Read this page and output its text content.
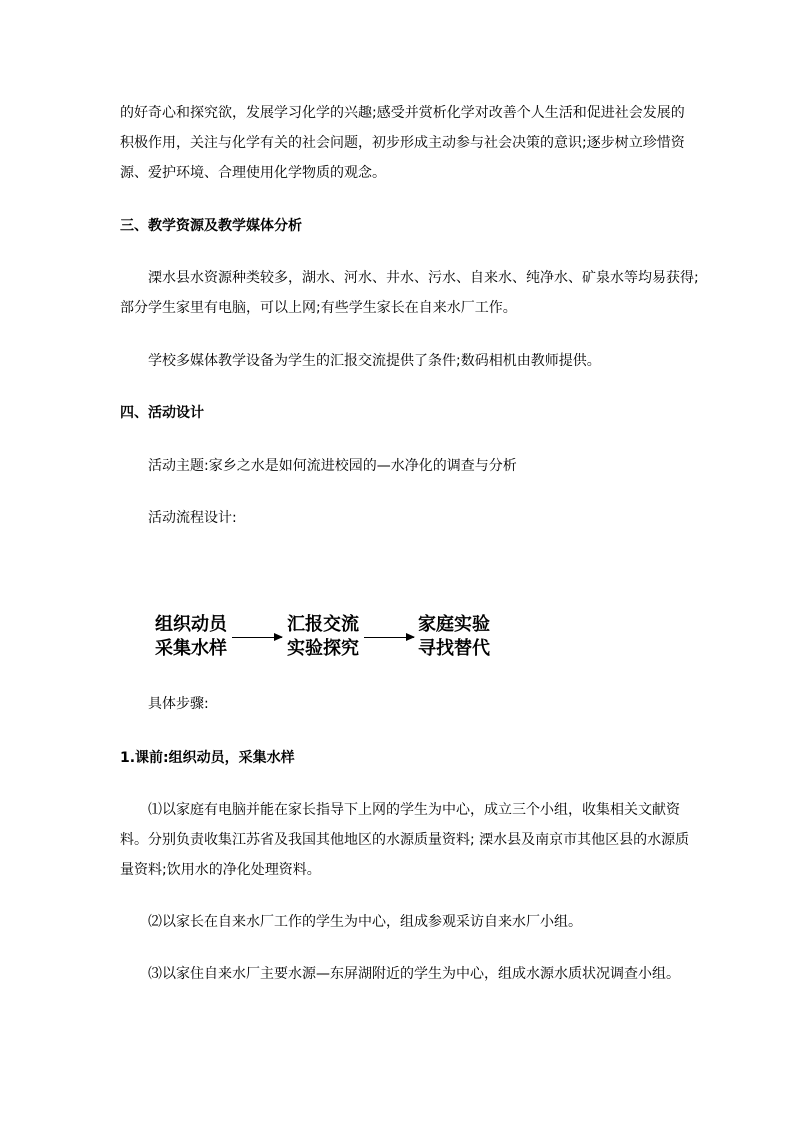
的好奇心和探究欲，发展学习化学的兴趣;感受并赏析化学对改善个人生活和促进社会发展的
积极作用，关注与化学有关的社会问题，初步形成主动参与社会决策的意识;逐步树立珍惜资
源、爱护环境、合理使用化学物质的观念。
三、教学资源及教学媒体分析
溧水县水资源种类较多，湖水、河水、井水、污水、自来水、纯净水、矿泉水等均易获得;
部分学生家里有电脑，可以上网;有些学生家长在自来水厂工作。
学校多媒体教学设备为学生的汇报交流提供了条件;数码相机由教师提供。
四、活动设计
活动主题:家乡之水是如何流进校园的—水净化的调查与分析
活动流程设计:
组织动员
采集水样
汇报交流
实验探究
家庭实验
寻找替代
具体步骤:
1.课前:组织动员，采集水样
⑴以家庭有电脑并能在家长指导下上网的学生为中心，成立三个小组，收集相关文献资
料。分别负责收集江苏省及我国其他地区的水源质量资料; 溧水县及南京市其他区县的水源质
量资料;饮用水的净化处理资料。
⑵以家长在自来水厂工作的学生为中心，组成参观采访自来水厂小组。
⑶以家住自来水厂主要水源—东屏湖附近的学生为中心，组成水源水质状况调查小组。
